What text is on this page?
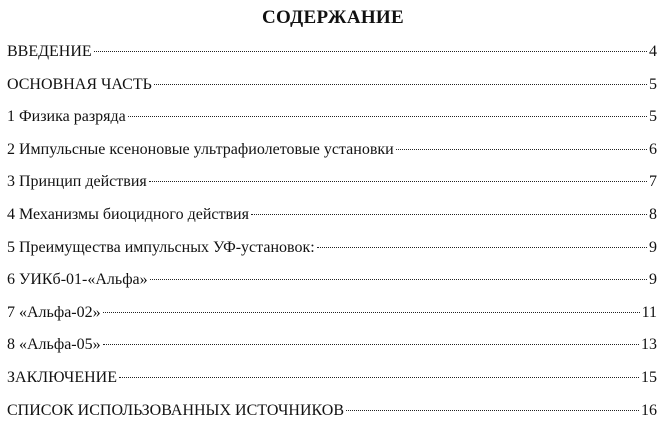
СОДЕРЖАНИЕ
ВВЕДЕНИЕ	4
ОСНОВНАЯ ЧАСТЬ	5
1 Физика разряда	5
2 Импульсные ксеноновые ультрафиолетовые установки	6
3 Принцип действия	7
4 Механизмы биоцидного действия	8
5 Преимущества импульсных УФ-установок:	9
6 УИКб-01-«Альфа»	9
7 «Альфа-02»	11
8 «Альфа-05»	13
ЗАКЛЮЧЕНИЕ	15
СПИСОК ИСПОЛЬЗОВАННЫХ ИСТОЧНИКОВ	16
